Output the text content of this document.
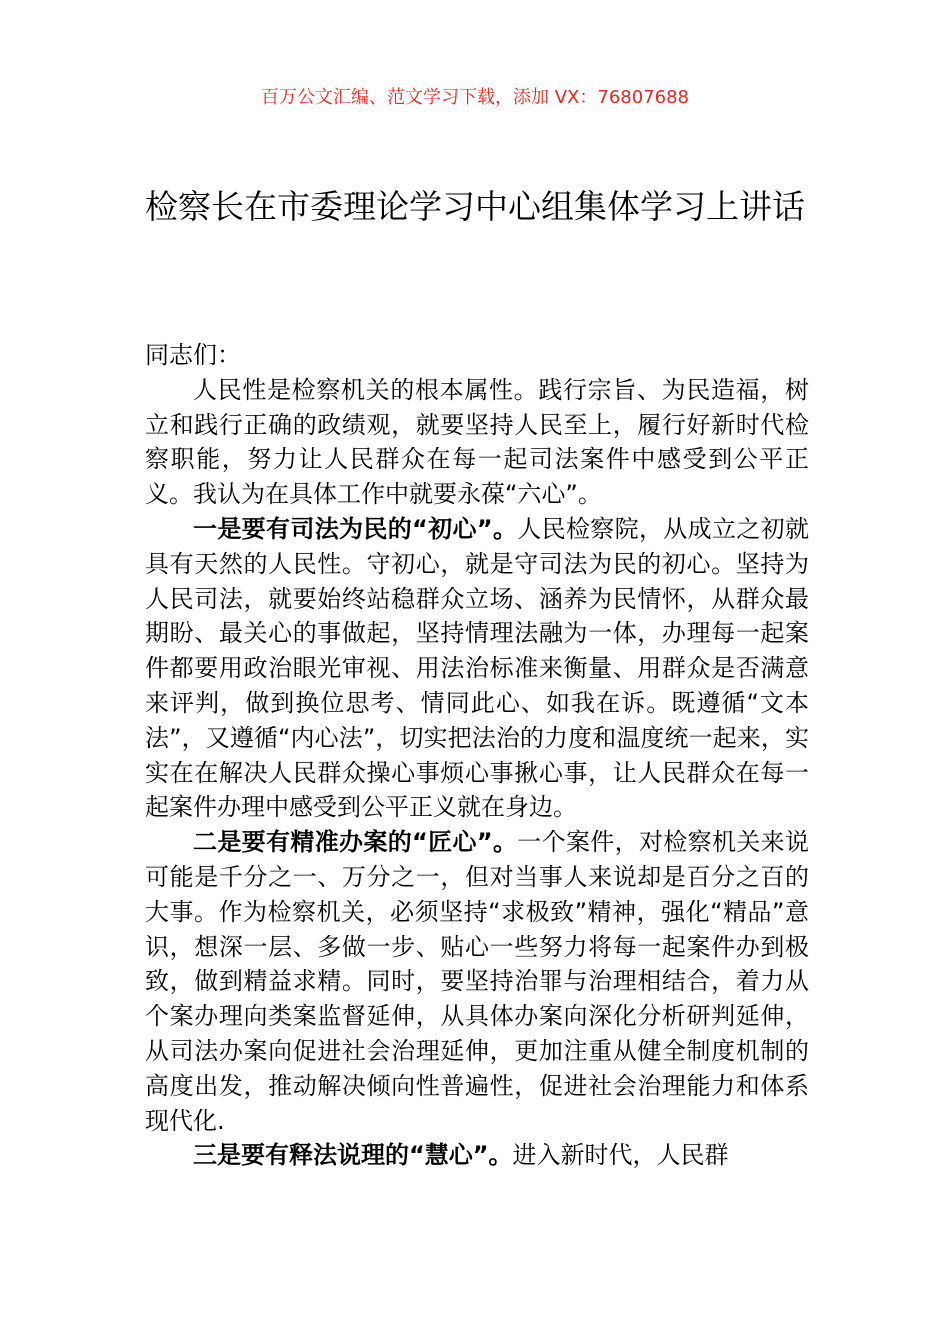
百万公文汇编、范文学习下载，添加 VX：76807688
检察长在市委理论学习中心组集体学习上讲话

同志们：

人民性是检察机关的根本属性。践行宗旨、为民造福，树立和践行正确的政绩观，就要坚持人民至上，履行好新时代检察职能，努力让人民群众在每一起司法案件中感受到公平正义。我认为在具体工作中就要永葆“六心”。

一是要有司法为民的“初心”。人民检察院，从成立之初就具有天然的人民性。守初心，就是守司法为民的初心。坚持为人民司法，就要始终站稳群众立场、涵养为民情怀，从群众最期盼、最关心的事做起，坚持情理法融为一体，办理每一起案件都要用政治眼光审视、用法治标准来衡量、用群众是否满意来评判，做到换位思考、情同此心、如我在诉。既遵循“文本法”，又遵循“内心法”，切实把法治的力度和温度统一起来，实实在在解决人民群众操心事烦心事揪心事，让人民群众在每一起案件办理中感受到公平正义就在身边。

二是要有精准办案的“匠心”。一个案件，对检察机关来说可能是千分之一、万分之一，但对当事人来说却是百分之百的大事。作为检察机关，必须坚持“求极致”精神，强化“精品”意识，想深一层、多做一步、贴心一些努力将每一起案件办到极致，做到精益求精。同时，要坚持治罪与治理相结合，着力从个案办理向类案监督延伸，从具体办案向深化分析研判延伸，从司法办案向促进社会治理延伸，更加注重从健全制度机制的高度出发，推动解决倾向性普遍性，促进社会治理能力和体系现代化.

三是要有释法说理的“慧心”。进入新时代，人民群
